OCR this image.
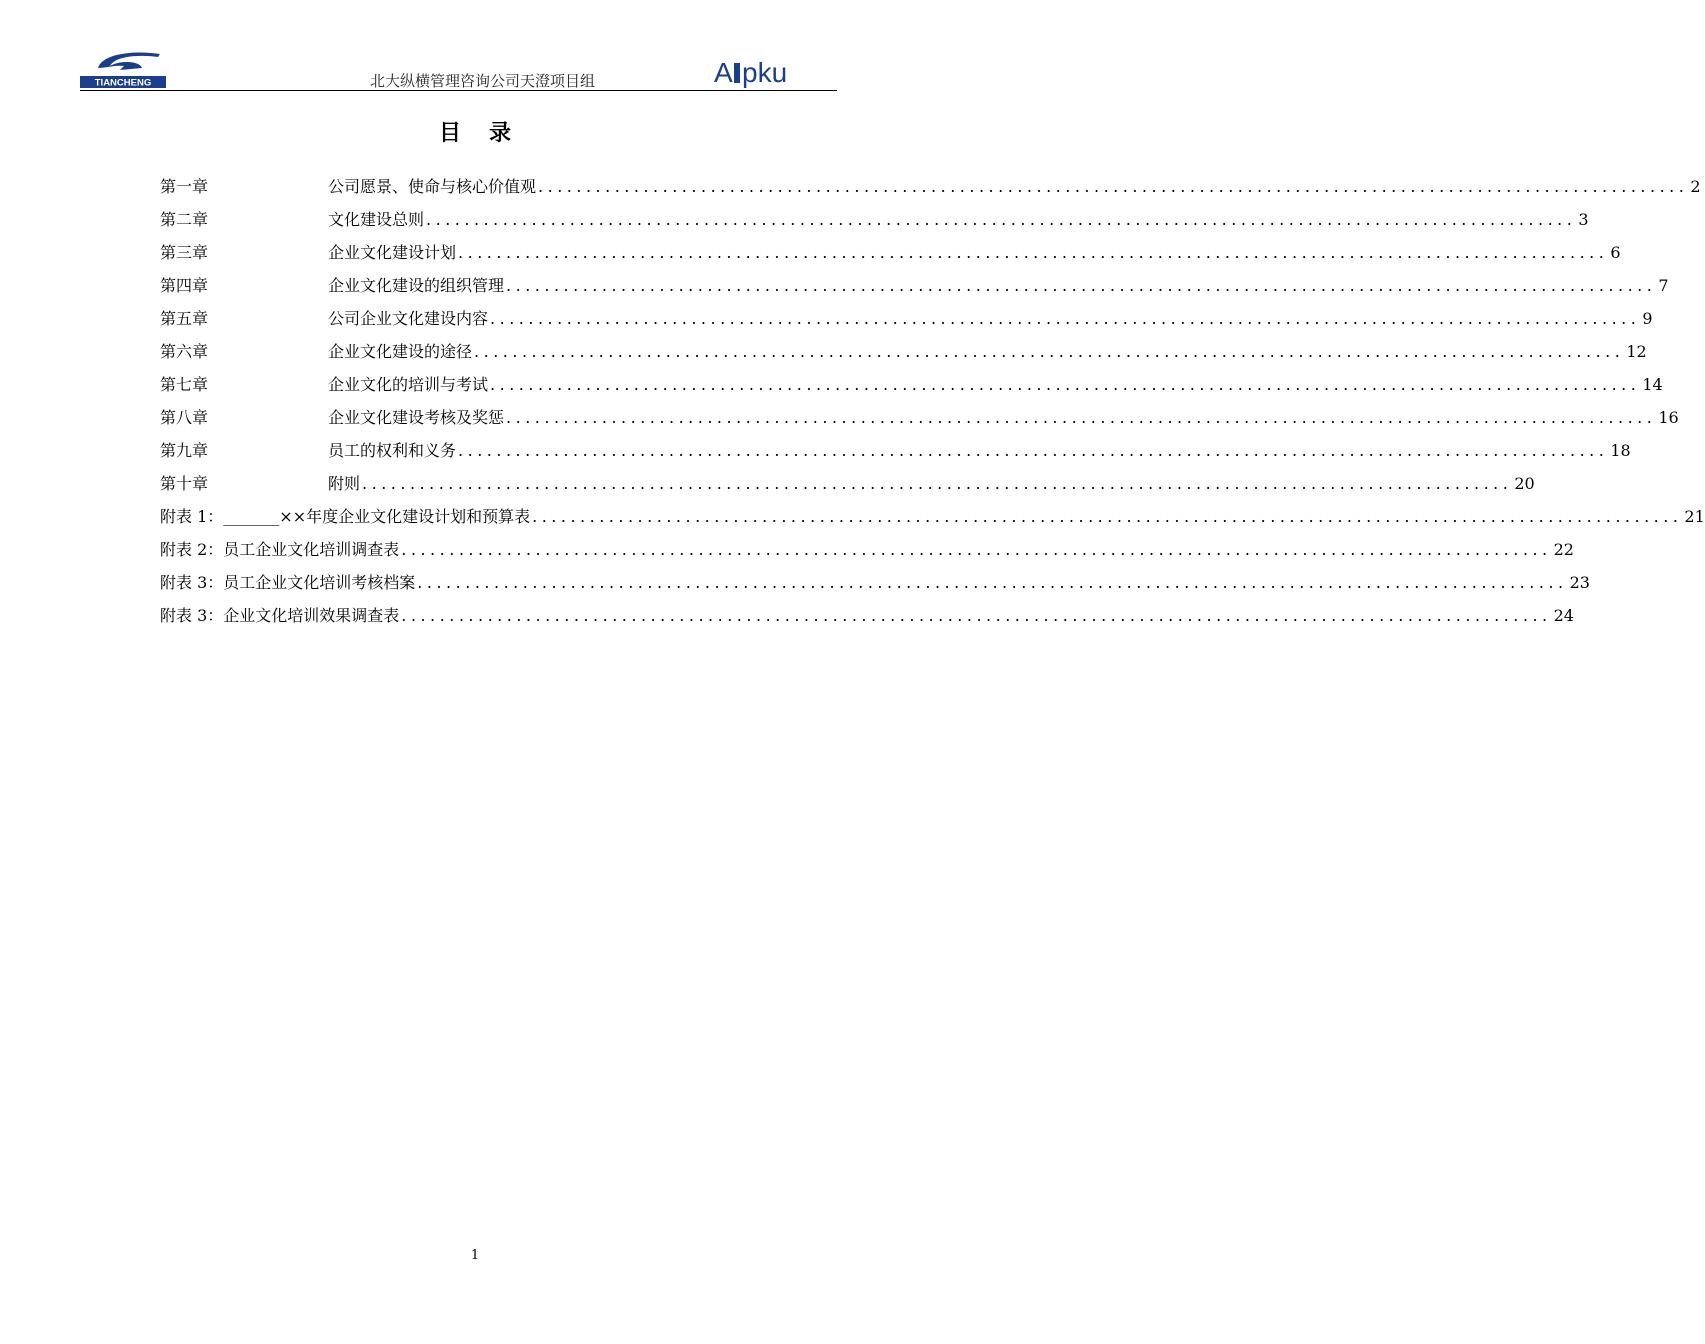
TIANCHENG	北大纵横管理咨询公司天澄项目组	A pku
目录
第一章	公司愿景、使命与核心价值观 ........................................................................................................................ 2
第二章	文化建设总则 ........................................................................................................................ 3
第三章	企业文化建设计划 ........................................................................................................................ 6
第四章	企业文化建设的组织管理 ........................................................................................................................ 7
第五章	公司企业文化建设内容 ........................................................................................................................ 9
第六章	企业文化建设的途径 ........................................................................................................................ 12
第七章	企业文化的培训与考试 ........................................................................................................................ 14
第八章	企业文化建设考核及奖惩 ........................................................................................................................ 16
第九章	员工的权利和义务 ........................................................................................................................ 18
第十章	附则 ........................................................................................................................ 20
附表 1： _______××年度企业文化建设计划和预算表 ........................................................................................................................ 21
附表 2： 员工企业文化培训调查表 ........................................................................................................................ 22
附表 3： 员工企业文化培训考核档案 ........................................................................................................................ 23
附表 3： 企业文化培训效果调查表 ........................................................................................................................ 24
1
